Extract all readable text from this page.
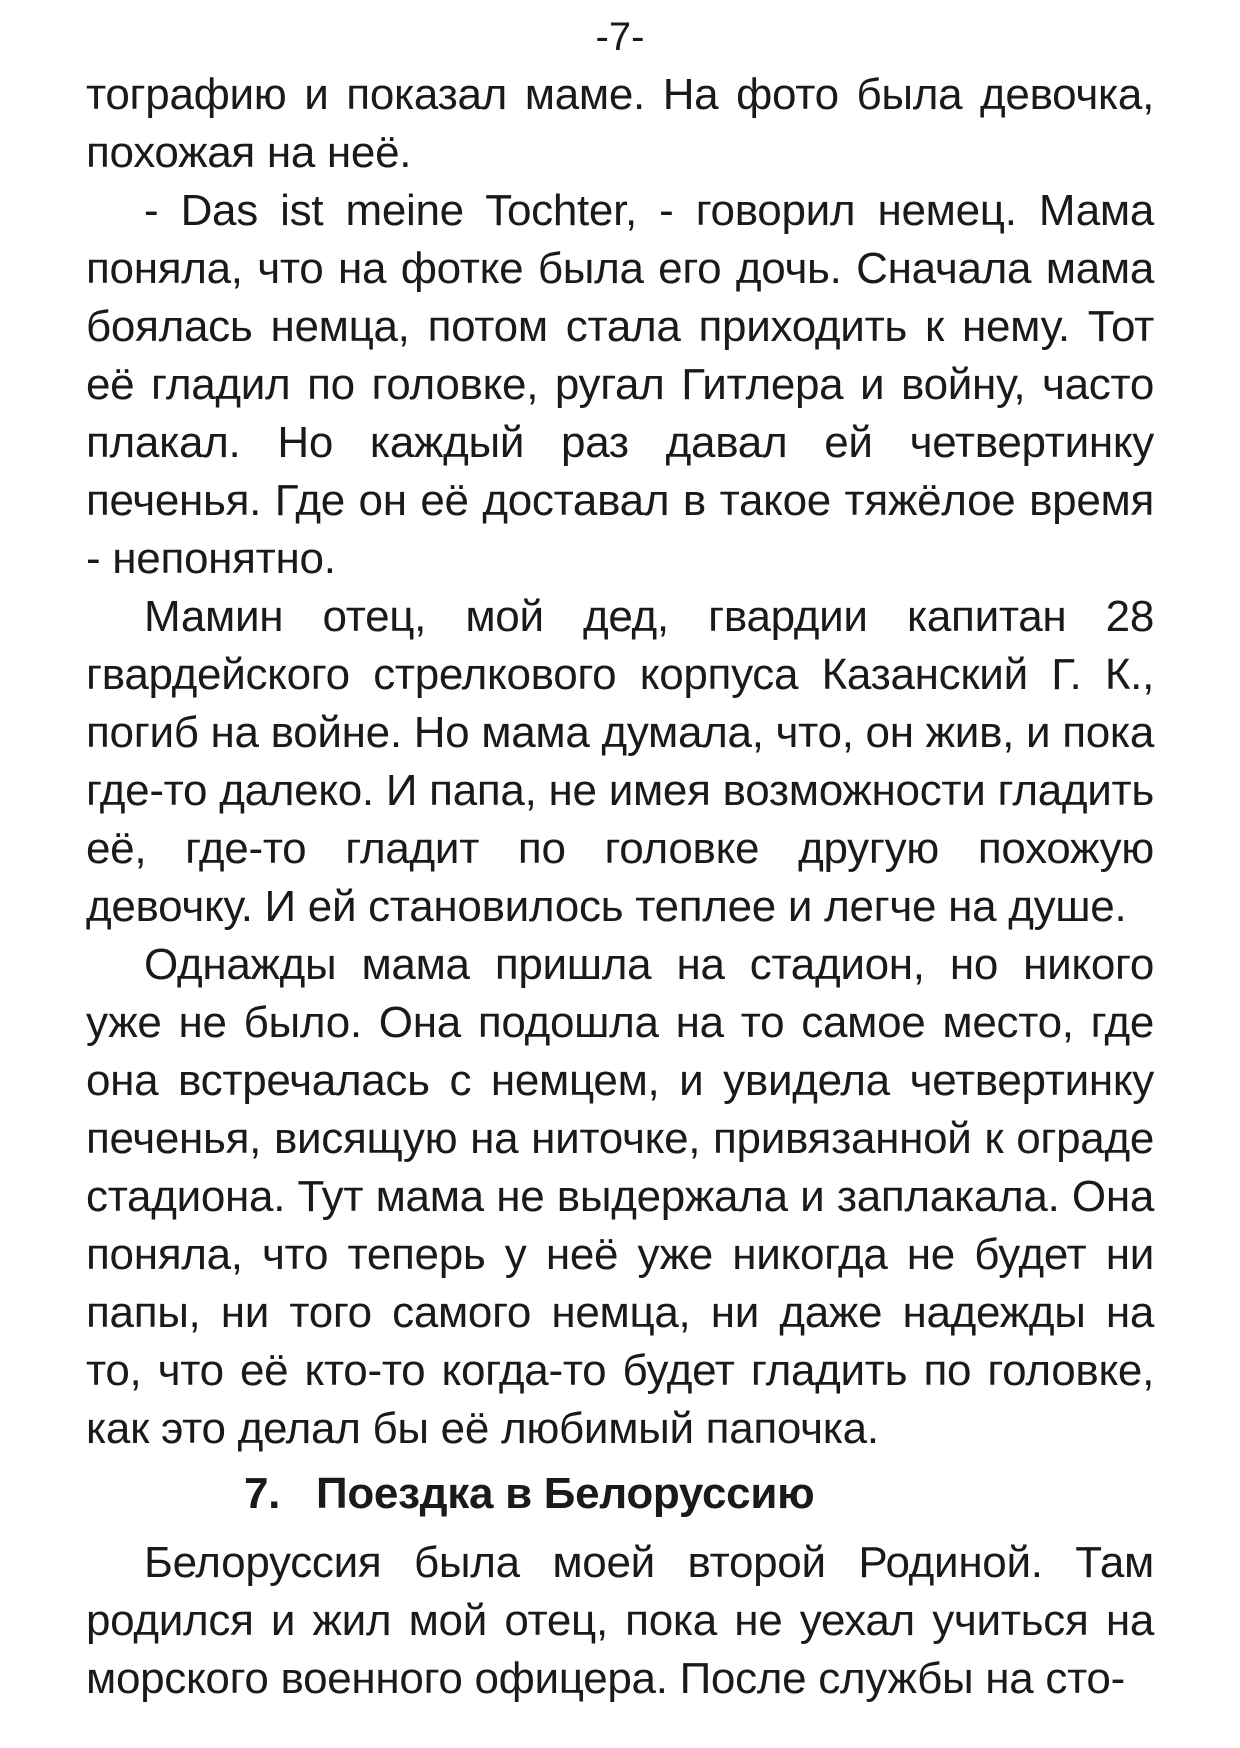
-7-

тографию и показал маме. На фото была девочка, похожая на неё.

- Das ist meine Tochter, - говорил немец. Мама поняла, что на фотке была его дочь. Сначала мама боялась немца, потом стала приходить к нему. Тот её гладил по головке, ругал Гитлера и войну, часто плакал. Но каждый раз давал ей четвертинку печенья. Где он её доставал в такое тяжёлое время - непонятно.

Мамин отец, мой дед, гвардии капитан 28 гвардейского стрелкового корпуса Казанский Г. К., погиб на войне. Но мама думала, что, он жив, и пока где-то далеко. И папа, не имея возможности гладить её, где-то гладит по головке другую похожую девочку. И ей становилось теплее и легче на душе.

Однажды мама пришла на стадион, но никого уже не было. Она подошла на то самое место, где она встречалась с немцем, и увидела четвертинку печенья, висящую на ниточке, привязанной к ограде стадиона. Тут мама не выдержала и заплакала. Она поняла, что теперь у неё уже никогда не будет ни папы, ни того самого немца, ни даже надежды на то, что её кто-то когда-то будет гладить по головке, как это делал бы её любимый папочка.

7. Поездка в Белоруссию

Белоруссия была моей второй Родиной. Там родился и жил мой отец, пока не уехал учиться на морского военного офицера. После службы на сто-
